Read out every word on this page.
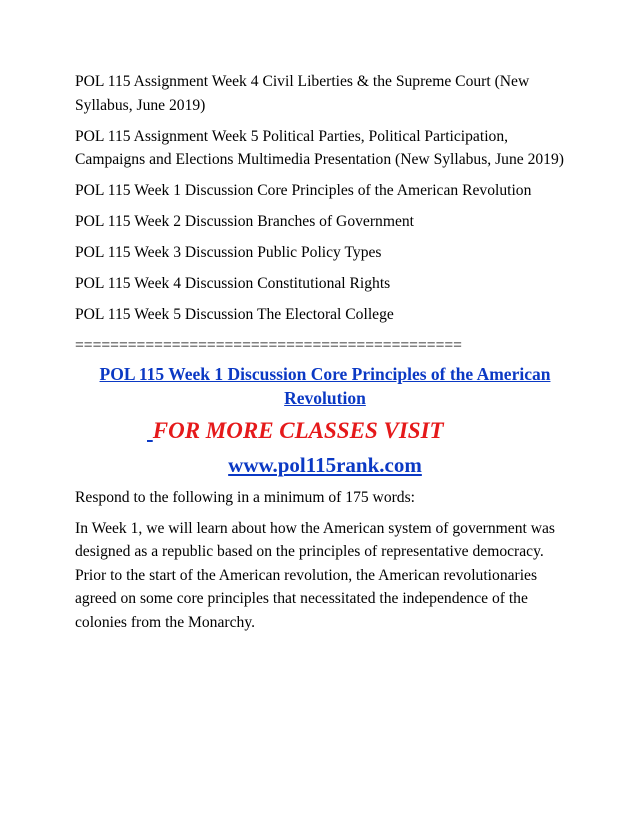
POL 115 Assignment Week 4 Civil Liberties & the Supreme Court (New Syllabus, June 2019)

POL 115 Assignment Week 5 Political Parties, Political Participation, Campaigns and Elections Multimedia Presentation (New Syllabus, June 2019)

POL 115 Week 1 Discussion Core Principles of the American Revolution

POL 115 Week 2 Discussion Branches of Government

POL 115 Week 3 Discussion Public Policy Types

POL 115 Week 4 Discussion Constitutional Rights

POL 115 Week 5 Discussion The Electoral College

============================================
POL 115 Week 1 Discussion Core Principles of the American Revolution
FOR MORE CLASSES VISIT
www.pol115rank.com

Respond to the following in a minimum of 175 words:

In Week 1, we will learn about how the American system of government was designed as a republic based on the principles of representative democracy. Prior to the start of the American revolution, the American revolutionaries agreed on some core principles that necessitated the independence of the colonies from the Monarchy.
